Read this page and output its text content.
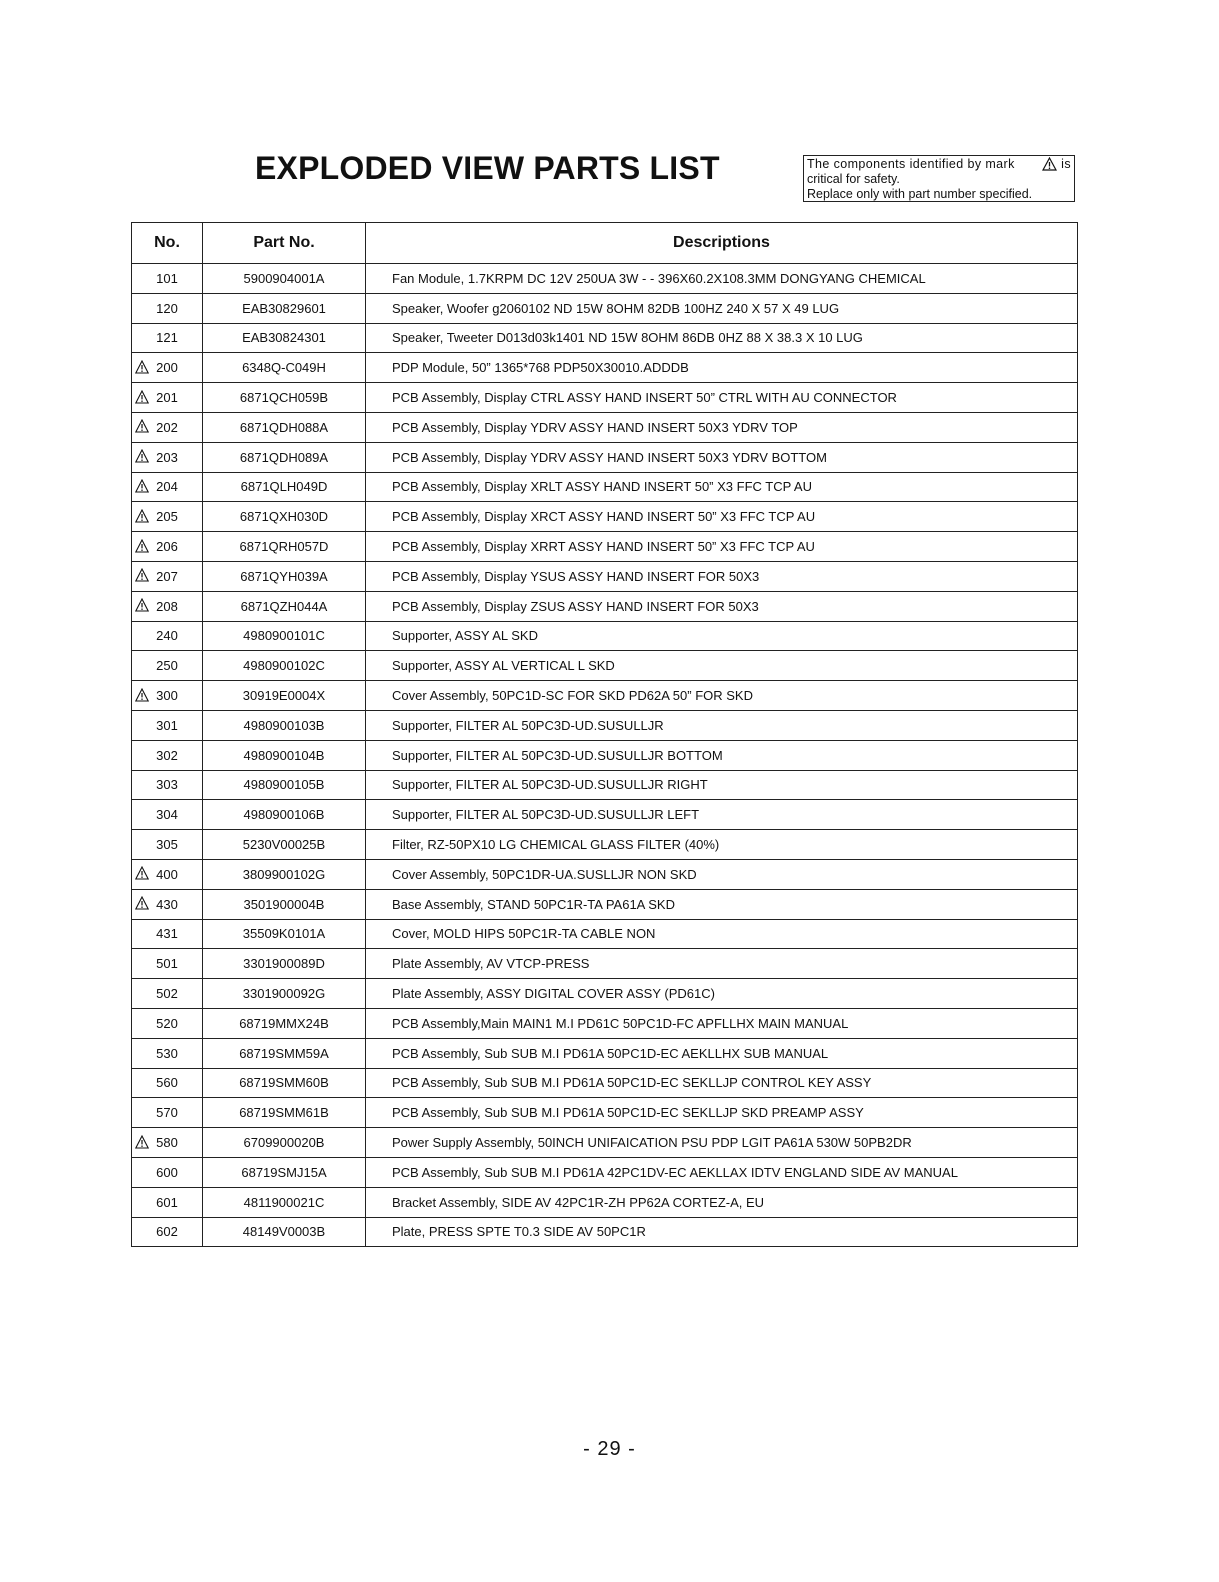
EXPLODED VIEW PARTS LIST	The components identified by mark	is
critical for safety.
Replace only with part number specified.
No.	Part No.	Descriptions
101	5900904001A	Fan Module, 1.7KRPM DC 12V 250UA 3W - - 396X60.2X108.3MM DONGYANG CHEMICAL
120	EAB30829601	Speaker, Woofer g2060102 ND 15W 8OHM 82DB 100HZ 240 X 57 X 49 LUG
121	EAB30824301	Speaker, Tweeter D013d03k1401 ND 15W 8OHM 86DB 0HZ 88 X 38.3 X 10 LUG

200	6348Q-C049H	PDP Module, 50” 1365*768 PDP50X30010.ADDDB

201	6871QCH059B	PCB Assembly, Display CTRL ASSY HAND INSERT 50” CTRL WITH AU CONNECTOR

202	6871QDH088A	PCB Assembly, Display YDRV ASSY HAND INSERT 50X3 YDRV TOP

203	6871QDH089A	PCB Assembly, Display YDRV ASSY HAND INSERT 50X3 YDRV BOTTOM

204	6871QLH049D	PCB Assembly, Display XRLT ASSY HAND INSERT 50” X3 FFC TCP AU

205	6871QXH030D	PCB Assembly, Display XRCT ASSY HAND INSERT 50” X3 FFC TCP AU

206	6871QRH057D	PCB Assembly, Display XRRT ASSY HAND INSERT 50” X3 FFC TCP AU

207	6871QYH039A	PCB Assembly, Display YSUS ASSY HAND INSERT FOR 50X3

208	6871QZH044A	PCB Assembly, Display ZSUS ASSY HAND INSERT FOR 50X3
240	4980900101C	Supporter, ASSY AL SKD
250	4980900102C	Supporter, ASSY AL VERTICAL L SKD

300	30919E0004X	Cover Assembly, 50PC1D-SC FOR SKD PD62A 50” FOR SKD
301	4980900103B	Supporter, FILTER AL 50PC3D-UD.SUSULLJR
302	4980900104B	Supporter, FILTER AL 50PC3D-UD.SUSULLJR BOTTOM
303	4980900105B	Supporter, FILTER AL 50PC3D-UD.SUSULLJR RIGHT
304	4980900106B	Supporter, FILTER AL 50PC3D-UD.SUSULLJR LEFT
305	5230V00025B	Filter, RZ-50PX10 LG CHEMICAL GLASS FILTER (40%)

400	3809900102G	Cover Assembly, 50PC1DR-UA.SUSLLJR NON SKD

430	3501900004B	Base Assembly, STAND 50PC1R-TA PA61A SKD
431	35509K0101A	Cover, MOLD HIPS 50PC1R-TA CABLE NON
501	3301900089D	Plate Assembly, AV VTCP-PRESS
502	3301900092G	Plate Assembly, ASSY DIGITAL COVER ASSY (PD61C)
520	68719MMX24B	PCB Assembly,Main MAIN1 M.I PD61C 50PC1D-FC APFLLHX MAIN MANUAL
530	68719SMM59A	PCB Assembly, Sub SUB M.I PD61A 50PC1D-EC AEKLLHX SUB MANUAL
560	68719SMM60B	PCB Assembly, Sub SUB M.I PD61A 50PC1D-EC SEKLLJP CONTROL KEY ASSY
570	68719SMM61B	PCB Assembly, Sub SUB M.I PD61A 50PC1D-EC SEKLLJP SKD PREAMP ASSY

580	6709900020B	Power Supply Assembly, 50INCH UNIFAICATION PSU PDP LGIT PA61A 530W 50PB2DR
600	68719SMJ15A	PCB Assembly, Sub SUB M.I PD61A 42PC1DV-EC AEKLLAX IDTV ENGLAND SIDE AV MANUAL
601	4811900021C	Bracket Assembly, SIDE AV 42PC1R-ZH PP62A CORTEZ-A, EU
602	48149V0003B	Plate, PRESS SPTE T0.3 SIDE AV 50PC1R
- 29 -
